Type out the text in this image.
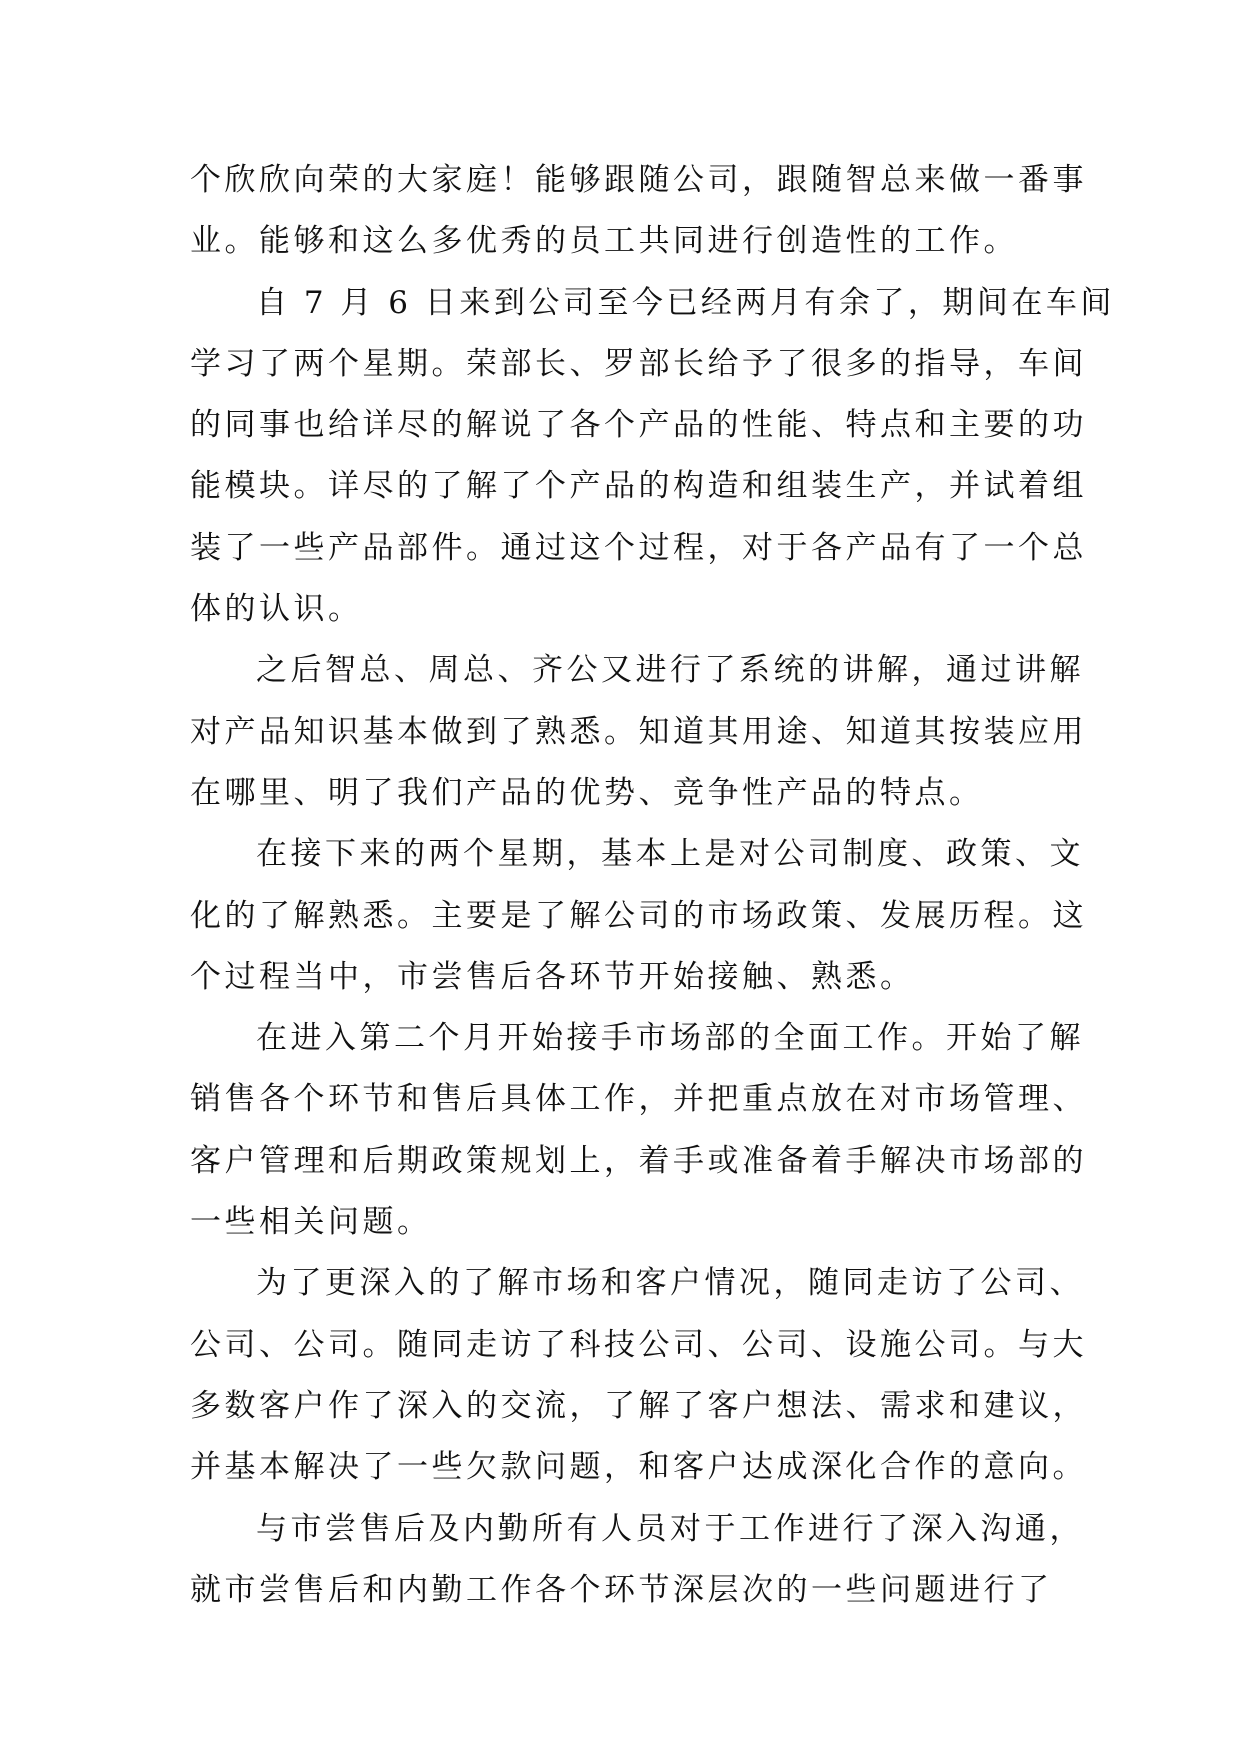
个欣欣向荣的大家庭！能够跟随公司，跟随智总来做一番事
业。能够和这么多优秀的员工共同进行创造性的工作。
自 7 月 6 日来到公司至今已经两月有余了，期间在车间
学习了两个星期。荣部长、罗部长给予了很多的指导，车间
的同事也给详尽的解说了各个产品的性能、特点和主要的功
能模块。详尽的了解了个产品的构造和组装生产，并试着组
装了一些产品部件。通过这个过程，对于各产品有了一个总
体的认识。
之后智总、周总、齐公又进行了系统的讲解，通过讲解
对产品知识基本做到了熟悉。知道其用途、知道其按装应用
在哪里、明了我们产品的优势、竞争性产品的特点。
在接下来的两个星期，基本上是对公司制度、政策、文
化的了解熟悉。主要是了解公司的市场政策、发展历程。这
个过程当中，市尝售后各环节开始接触、熟悉。
在进入第二个月开始接手市场部的全面工作。开始了解
销售各个环节和售后具体工作，并把重点放在对市场管理、
客户管理和后期政策规划上，着手或准备着手解决市场部的
一些相关问题。
为了更深入的了解市场和客户情况，随同走访了公司、
公司、公司。随同走访了科技公司、公司、设施公司。与大
多数客户作了深入的交流，了解了客户想法、需求和建议，
并基本解决了一些欠款问题，和客户达成深化合作的意向。
与市尝售后及内勤所有人员对于工作进行了深入沟通，
就市尝售后和内勤工作各个环节深层次的一些问题进行了
